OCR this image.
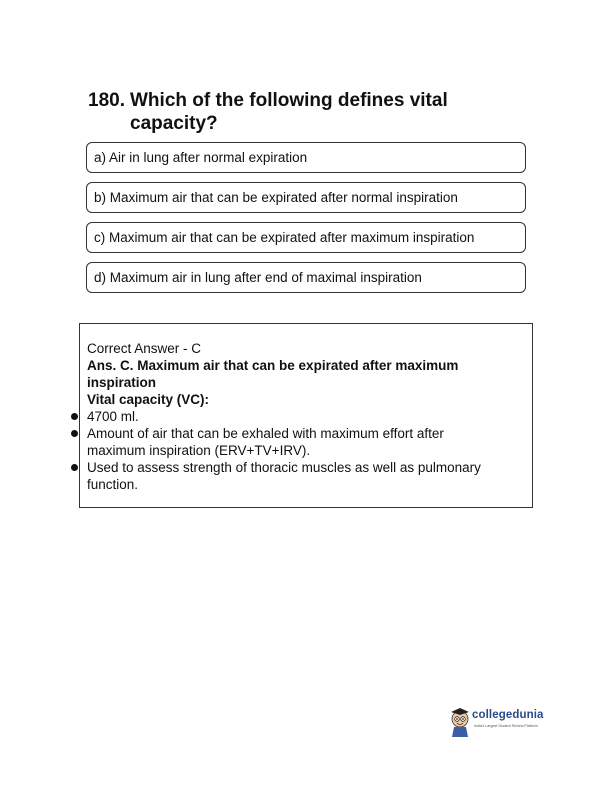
180. Which of the following defines vital
capacity?
a) Air in lung after normal expiration
b) Maximum air that can be expirated after normal inspiration
c) Maximum air that can be expirated after maximum inspiration
d) Maximum air in lung after end of maximal inspiration
Correct Answer - C
Ans. C. Maximum air that can be expirated after maximum
inspiration
Vital capacity (VC):
4700 ml.
Amount of air that can be exhaled with maximum effort after
maximum inspiration (ERV+TV+IRV).
Used to assess strength of thoracic muscles as well as pulmonary
function.
collegedunia
India's Largest Student Review Platform
